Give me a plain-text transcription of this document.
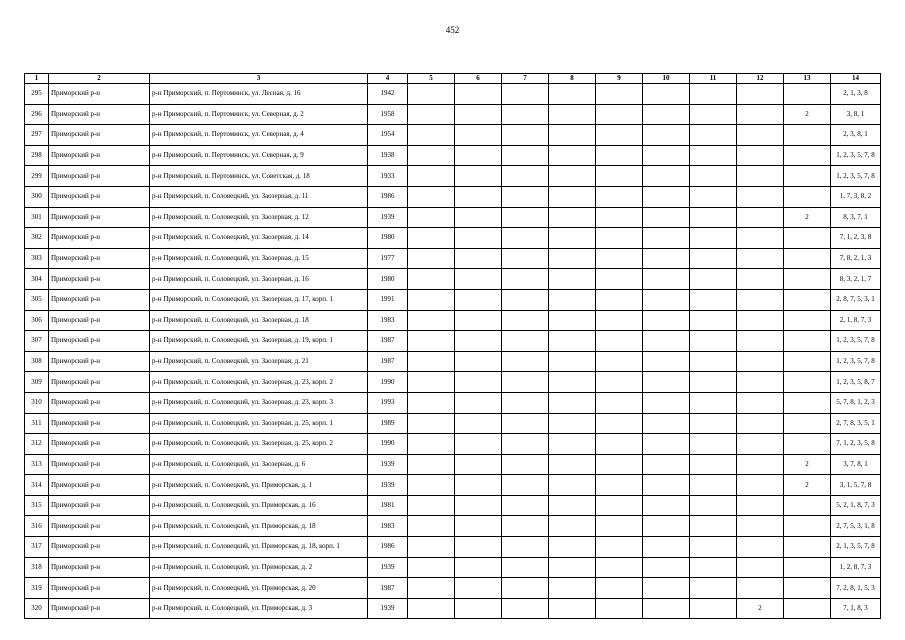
452
1	2	3	4	5	6	7	8	9	10	11	12	13	14
295	Приморский р-н	р-н Приморский, п. Пертоминск, ул. Лесная, д. 16	1942										2, 1, 3, 8
296	Приморский р-н	р-н Приморский, п. Пертоминск, ул. Северная, д. 2	1958									2	3, 8, 1
297	Приморский р-н	р-н Приморский, п. Пертоминск, ул. Северная, д. 4	1954										2, 3, 8, 1
298	Приморский р-н	р-н Приморский, п. Пертоминск, ул. Северная, д. 9	1938										1, 2, 3, 5, 7, 8
299	Приморский р-н	р-н Приморский, п. Пертоминск, ул. Советская, д. 18	1933										1, 2, 3, 5, 7, 8
300	Приморский р-н	р-н Приморский, п. Соловецкий, ул. Заозерная, д. 11	1986										1, 7, 3, 8, 2
301	Приморский р-н	р-н Приморский, п. Соловецкий, ул. Заозерная, д. 12	1939									2	8, 3, 7, 1
302	Приморский р-н	р-н Приморский, п. Соловецкий, ул. Заозерная, д. 14	1980										7, 1, 2, 3, 8
303	Приморский р-н	р-н Приморский, п. Соловецкий, ул. Заозерная, д. 15	1977										7, 8, 2, 1, 3
304	Приморский р-н	р-н Приморский, п. Соловецкий, ул. Заозерная, д. 16	1980										8, 3, 2, 1, 7
305	Приморский р-н	р-н Приморский, п. Соловецкий, ул. Заозерная, д. 17, корп. 1	1991										2, 8, 7, 5, 3, 1
306	Приморский р-н	р-н Приморский, п. Соловецкий, ул. Заозерная, д. 18	1983										2, 1, 8, 7, 3
307	Приморский р-н	р-н Приморский, п. Соловецкий, ул. Заозерная, д. 19, корп. 1	1987										1, 2, 3, 5, 7, 8
308	Приморский р-н	р-н Приморский, п. Соловецкий, ул. Заозерная, д. 21	1987										1, 2, 3, 5, 7, 8
309	Приморский р-н	р-н Приморский, п. Соловецкий, ул. Заозерная, д. 23, корп. 2	1990										1, 2, 3, 5, 8, 7
310	Приморский р-н	р-н Приморский, п. Соловецкий, ул. Заозерная, д. 23, корп. 3	1993										5, 7, 8, 1, 2, 3
311	Приморский р-н	р-н Приморский, п. Соловецкий, ул. Заозерная, д. 25, корп. 1	1989										2, 7, 8, 3, 5, 1
312	Приморский р-н	р-н Приморский, п. Соловецкий, ул. Заозерная, д. 25, корп. 2	1990										7, 1, 2, 3, 5, 8
313	Приморский р-н	р-н Приморский, п. Соловецкий, ул. Заозерная, д. 6	1939									2	3, 7, 8, 1
314	Приморский р-н	р-н Приморский, п. Соловецкий, ул. Приморская, д. 1	1939									2	3, 1, 5, 7, 8
315	Приморский р-н	р-н Приморский, п. Соловецкий, ул. Приморская, д. 16	1981										5, 2, 1, 8, 7, 3
316	Приморский р-н	р-н Приморский, п. Соловецкий, ул. Приморская, д. 18	1983										2, 7, 5, 3, 1, 8
317	Приморский р-н	р-н Приморский, п. Соловецкий, ул. Приморская, д. 18, корп. 1	1986										2, 1, 3, 5, 7, 8
318	Приморский р-н	р-н Приморский, п. Соловецкий, ул. Приморская, д. 2	1939										1, 2, 8, 7, 3
319	Приморский р-н	р-н Приморский, п. Соловецкий, ул. Приморская, д. 20	1987										7, 2, 8, 1, 5, 3
320	Приморский р-н	р-н Приморский, п. Соловецкий, ул. Приморская, д. 3	1939								2		7, 1, 8, 3
